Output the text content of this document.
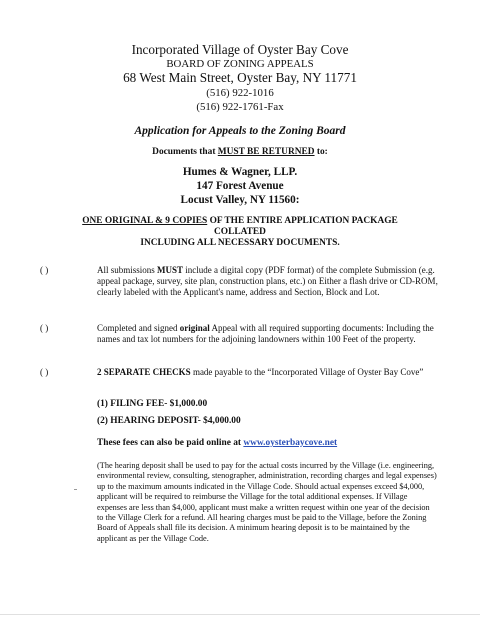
Incorporated Village of Oyster Bay Cove
BOARD OF ZONING APPEALS
68 West Main Street, Oyster Bay, NY 11771
(516) 922-1016
(516) 922-1761-Fax
Application for Appeals to the Zoning Board
Documents that MUST BE RETURNED to:
Humes & Wagner, LLP.
147 Forest Avenue
Locust Valley, NY 11560:
ONE ORIGINAL & 9 COPIES OF THE ENTIRE APPLICATION PACKAGE
COLLATED
INCLUDING ALL NECESSARY DOCUMENTS.
( )	All submissions MUST include a digital copy (PDF format) of the complete Submission (e.g. appeal package, survey, site plan, construction plans, etc.) on Either a flash drive or CD-ROM, clearly labeled with the Applicant's name, address and Section, Block and Lot.
( )	Completed and signed original Appeal with all required supporting documents: Including the names and tax lot numbers for the adjoining landowners within 100 Feet of the property.
( )	2 SEPARATE CHECKS made payable to the “Incorporated Village of Oyster Bay Cove”
(1) FILING FEE- $1,000.00
(2) HEARING DEPOSIT- $4,000.00
These fees can also be paid online at www.oysterbaycove.net
(The hearing deposit shall be used to pay for the actual costs incurred by the Village (i.e. engineering, environmental review, consulting, stenographer, administration, recording charges and legal expenses) up to the maximum amounts indicated in the Village Code. Should actual expenses exceed $4,000, applicant will be required to reimburse the Village for the total additional expenses. If Village expenses are less than $4,000, applicant must make a written request within one year of the decision to the Village Clerk for a refund. All hearing charges must be paid to the Village, before the Zoning Board of Appeals shall file its decision. A minimum hearing deposit is to be maintained by the applicant as per the Village Code.
